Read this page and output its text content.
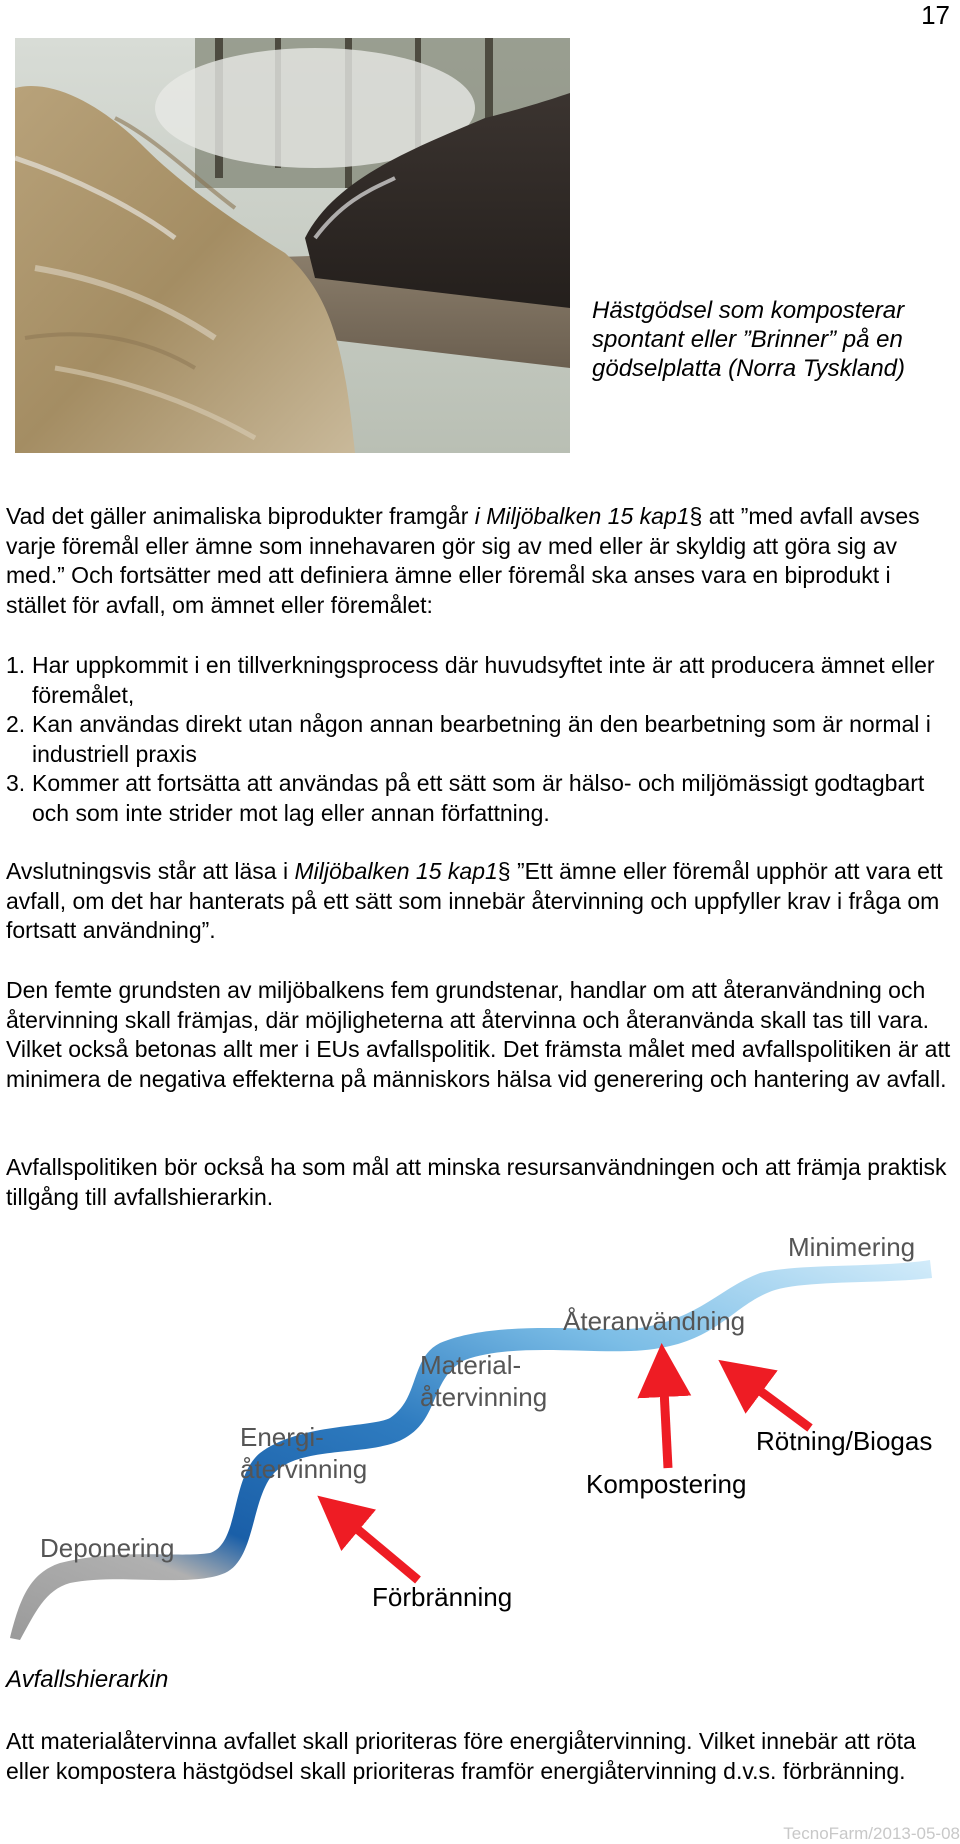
17
Hästgödsel som komposterar spontant eller ”Brinner” på en gödselplatta (Norra Tyskland)

Vad det gäller animaliska biprodukter framgår i Miljöbalken 15 kap1§ att ”med avfall avses varje föremål eller ämne som innehavaren gör sig av med eller är skyldig att göra sig av med.” Och fortsätter med att definiera ämne eller föremål ska anses vara en biprodukt i stället för avfall, om ämnet eller föremålet:

1. Har uppkommit i en tillverkningsprocess där huvudsyftet inte är att producera ämnet eller föremålet,
2. Kan användas direkt utan någon annan bearbetning än den bearbetning som är normal i industriell praxis
3. Kommer att fortsätta att användas på ett sätt som är hälso- och miljömässigt godtagbart och som inte strider mot lag eller annan författning.

Avslutningsvis står att läsa i Miljöbalken 15 kap1§ ”Ett ämne eller föremål upphör att vara ett avfall, om det har hanterats på ett sätt som innebär återvinning och uppfyller krav i fråga om fortsatt användning”.

Den femte grundsten av miljöbalkens fem grundstenar, handlar om att återanvändning och återvinning skall främjas, där möjligheterna att återvinna och återanvända skall tas till vara. Vilket också betonas allt mer i EUs avfallspolitik. Det främsta målet med avfallspolitiken är att minimera de negativa effekterna på människors hälsa vid generering och hantering av avfall.

Avfallspolitiken bör också ha som mål att minska resursanvändningen och att främja praktisk tillgång till avfallshierarkin.

Deponering
Energi-
återvinning
Material-
återvinning
Återanvändning
Minimering
Förbränning
Kompostering
Rötning/Biogas
Avfallshierarkin

Att materialåtervinna avfallet skall prioriteras före energiåtervinning. Vilket innebär att röta eller kompostera hästgödsel skall prioriteras framför energiåtervinning d.v.s. förbränning.

TecnoFarm/2013-05-08
